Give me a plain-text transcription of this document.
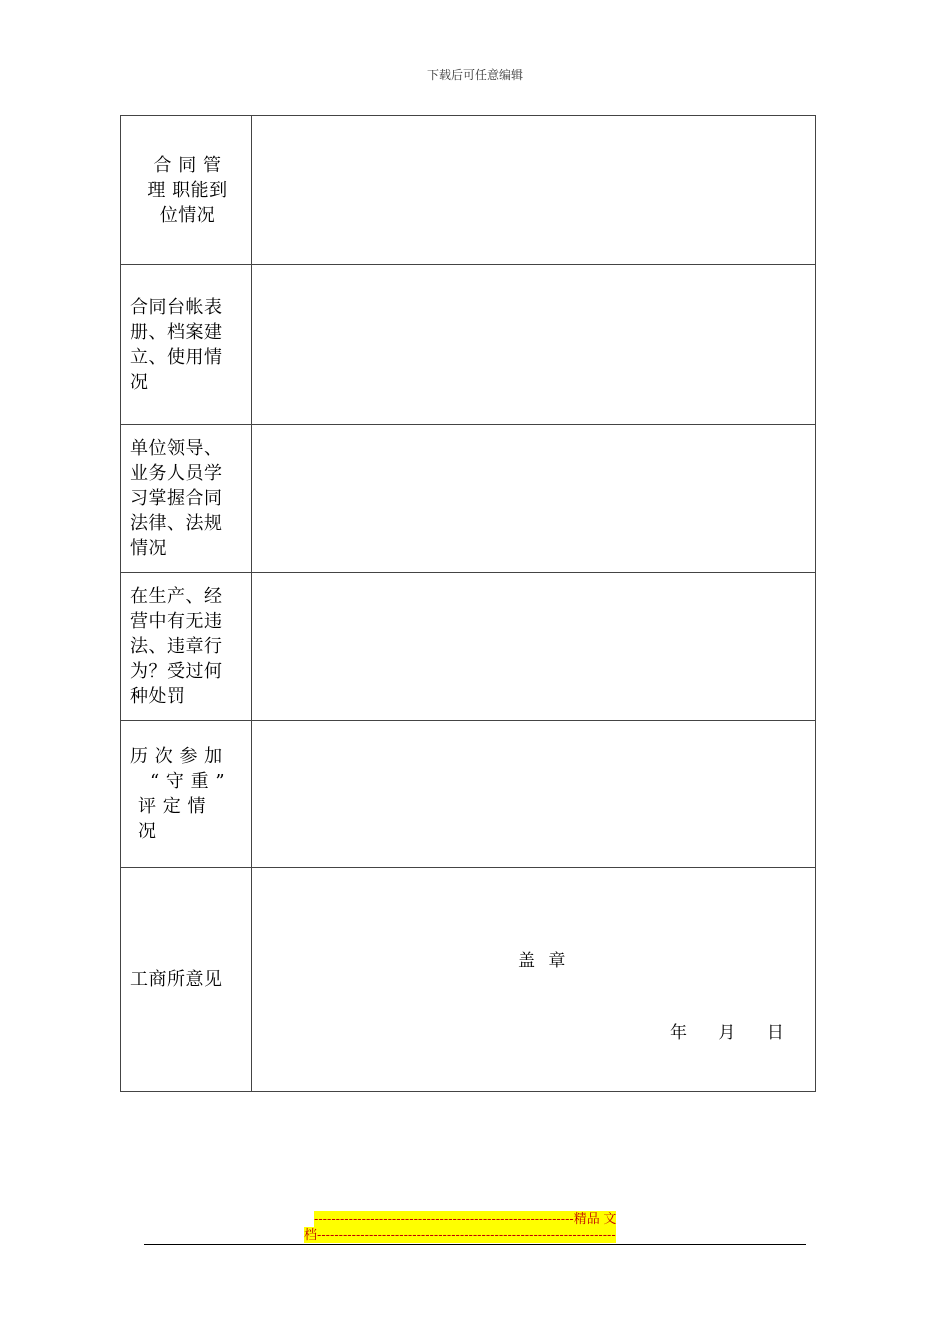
下载后可任意编辑
合 同 管
理 职能到
位情况	

合同台帐表
册、档案建
立、使用情
况	

单位领导、
业务人员学
习掌握合同
法律、法规
情况	

在生产、经
营中有无违
法、违章行
为？受过何
种处罚	

历 次 参 加
“ 守 重 ”
评 定 情
况	

工商所意见	盖 章
年 月 日
------------------------------------------------------------精品 文
档---------------------------------------------------------------------
